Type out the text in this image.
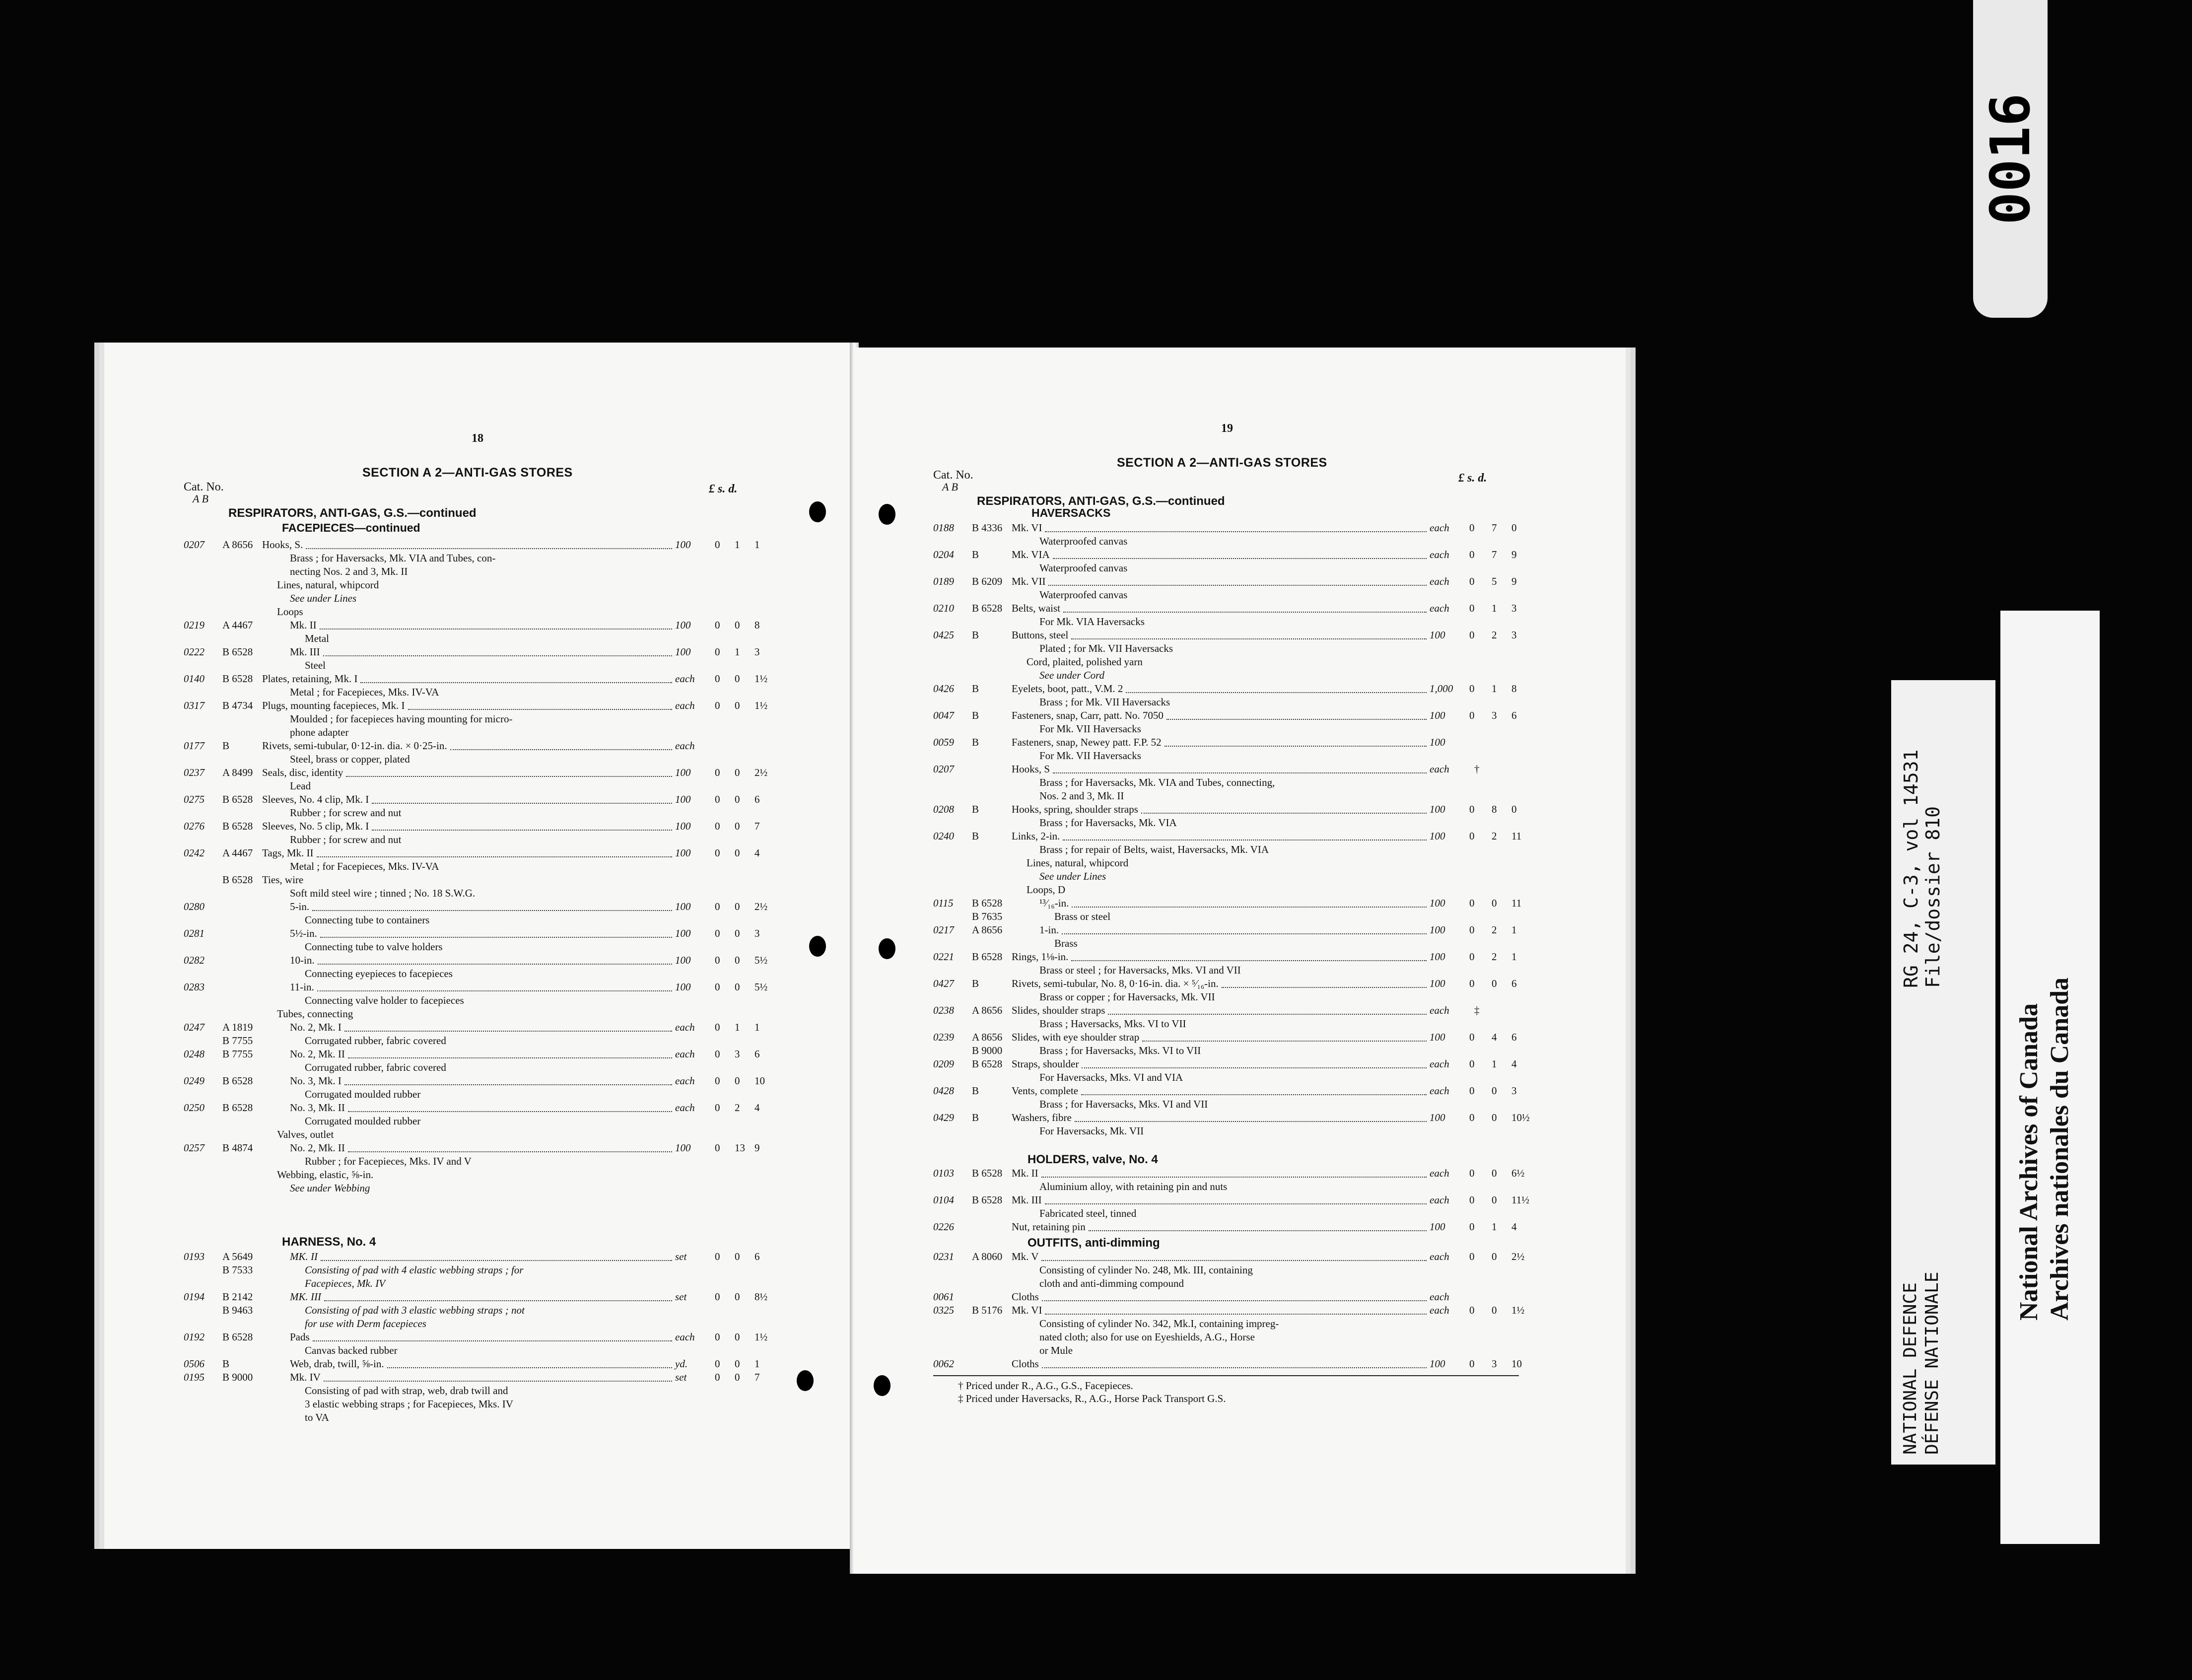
18
SECTION A 2—ANTI-GAS STORES
Cat. No.
A B
£ s. d.
RESPIRATORS, ANTI-GAS, G.S.—continued
FACEPIECES—continued
0207 A 8656 Hooks, S.	100 0 1 1
Brass ; for Haversacks, Mk. VIA and Tubes, con-
necting Nos. 2 and 3, Mk. II
Lines, natural, whipcord
See under Lines
Loops
0219 A 4467	Mk. II	100 0 0 8
Metal
0222 B 6528	Mk. III	100 0 1 3
Steel
0140 B 6528 Plates, retaining, Mk. I	each 0 0 1½
Metal ; for Facepieces, Mks. IV-VA
0317 B 4734 Plugs, mounting facepieces, Mk. I	each 0 0 1½
Moulded ; for facepieces having mounting for micro-
phone adapter
0177 B	Rivets, semi-tubular, 0·12-in. dia. × 0·25-in.	each
Steel, brass or copper, plated
0237 A 8499 Seals, disc, identity	100 0 0 2½
Lead
0275 B 6528 Sleeves, No. 4 clip, Mk. I	100 0 0 6
Rubber ; for screw and nut
0276 B 6528 Sleeves, No. 5 clip, Mk. I	100 0 0 7
Rubber ; for screw and nut
0242 A 4467 Tags, Mk. II	100 0 0 4
Metal ; for Facepieces, Mks. IV-VA
B 6528 Ties, wire
Soft mild steel wire ; tinned ; No. 18 S.W.G.
0280	5-in.	100 0 0 2½
Connecting tube to containers
0281	5½-in.	100 0 0 3
Connecting tube to valve holders
0282	10-in.	100 0 0 5½
Connecting eyepieces to facepieces
0283	11-in.	100 0 0 5½
Connecting valve holder to facepieces
Tubes, connecting
0247 A 1819	No. 2, Mk. I	each 0 1 1
B 7755	Corrugated rubber, fabric covered
0248 B 7755	No. 2, Mk. II	each 0 3 6
Corrugated rubber, fabric covered
0249 B 6528	No. 3, Mk. I	each 0 0 10
Corrugated moulded rubber
0250 B 6528	No. 3, Mk. II	each 0 2 4
Corrugated moulded rubber
Valves, outlet
0257 B 4874	No. 2, Mk. II	100 0 13 9
Rubber ; for Facepieces, Mks. IV and V
Webbing, elastic, ⅝-in.
See under Webbing
HARNESS, No. 4
0193 A 5649	MK. II	set	0 0 6
B 7533	Consisting of pad with 4 elastic webbing straps ; for
Facepieces, Mk. IV
0194 B 2142	MK. III	set	0 0 8½
B 9463	Consisting of pad with 3 elastic webbing straps ; not
for use with Derm facepieces
0192 B 6528	Pads	each 0 0 1½
Canvas backed rubber
0506 B	Web, drab, twill, ⅝-in.	yd.	0 0 1
0195 B 9000	Mk. IV	set	0 0 7
Consisting of pad with strap, web, drab twill and
3 elastic webbing straps ; for Facepieces, Mks. IV
to VA
19
SECTION A 2—ANTI-GAS STORES
Cat. No.
A B
£ s. d.
RESPIRATORS, ANTI-GAS, G.S.—continued
HAVERSACKS
0188 B 4336 Mk. VI	each 0 7 0
Waterproofed canvas
0204 B	Mk. VIA	each 0 7 9
Waterproofed canvas
0189 B 6209 Mk. VII	each 0 5 9
Waterproofed canvas
0210 B 6528 Belts, waist	each 0 1 3
For Mk. VIA Haversacks
0425 B	Buttons, steel	100 0 2 3
Plated ; for Mk. VII Haversacks
Cord, plaited, polished yarn
See under Cord
0426 B	Eyelets, boot, patt., V.M. 2	1,000 0 1 8
Brass ; for Mk. VII Haversacks
0047 B	Fasteners, snap, Carr, patt. No. 7050	100 0 3 6
For Mk. VII Haversacks
0059 B	Fasteners, snap, Newey patt. F.P. 52	100
For Mk. VII Haversacks
0207	Hooks, S	each †
Brass ; for Haversacks, Mk. VIA and Tubes, connecting,
Nos. 2 and 3, Mk. II
0208 B	Hooks, spring, shoulder straps	100 0 8 0
Brass ; for Haversacks, Mk. VIA
0240 B	Links, 2-in.	100 0 2 11
Brass ; for repair of Belts, waist, Haversacks, Mk. VIA
Lines, natural, whipcord
See under Lines
Loops, D
0115 B 6528	¹³⁄₁₆-in.	100 0 0 11
B 7635	Brass or steel
0217 A 8656	1-in.	100 0 2 1
Brass
0221 B 6528 Rings, 1⅛-in.	100 0 2 1
Brass or steel ; for Haversacks, Mks. VI and VII
0427 B	Rivets, semi-tubular, No. 8, 0·16-in. dia. × ⁵⁄₁₆-in.	100 0 0 6
Brass or copper ; for Haversacks, Mk. VII
0238 A 8656 Slides, shoulder straps	each ‡
Brass ; Haversacks, Mks. VI to VII
0239 A 8656 Slides, with eye shoulder strap	100 0 4 6
B 9000	Brass ; for Haversacks, Mks. VI to VII
0209 B 6528 Straps, shoulder	each 0 1 4
For Haversacks, Mks. VI and VIA
0428 B	Vents, complete	each 0 0 3
Brass ; for Haversacks, Mks. VI and VII
0429 B	Washers, fibre	100 0 0 10½
For Haversacks, Mk. VII
HOLDERS, valve, No. 4
0103 B 6528 Mk. II	each 0 0 6½
Aluminium alloy, with retaining pin and nuts
0104 B 6528 Mk. III	each 0 0 11½
Fabricated steel, tinned
0226	Nut, retaining pin	100 0 1 4
OUTFITS, anti-dimming
0231 A 8060 Mk. V	each 0 0 2½
Consisting of cylinder No. 248, Mk. III, containing
cloth and anti-dimming compound
0061	Cloths	each
0325 B 5176 Mk. VI	each 0 0 1½
Consisting of cylinder No. 342, Mk.I, containing impreg-
nated cloth; also for use on Eyeshields, A.G., Horse
or Mule
0062	Cloths	100 0 3 10
† Priced under R., A.G., G.S., Facepieces.
‡ Priced under Haversacks, R., A.G., Horse Pack Transport G.S.
0016
RG 24, C-3, vol 14531 File/dossier 810
NATIONAL DEFENCE DÉFENSE NATIONALE
National Archives of Canada Archives nationales du Canada
